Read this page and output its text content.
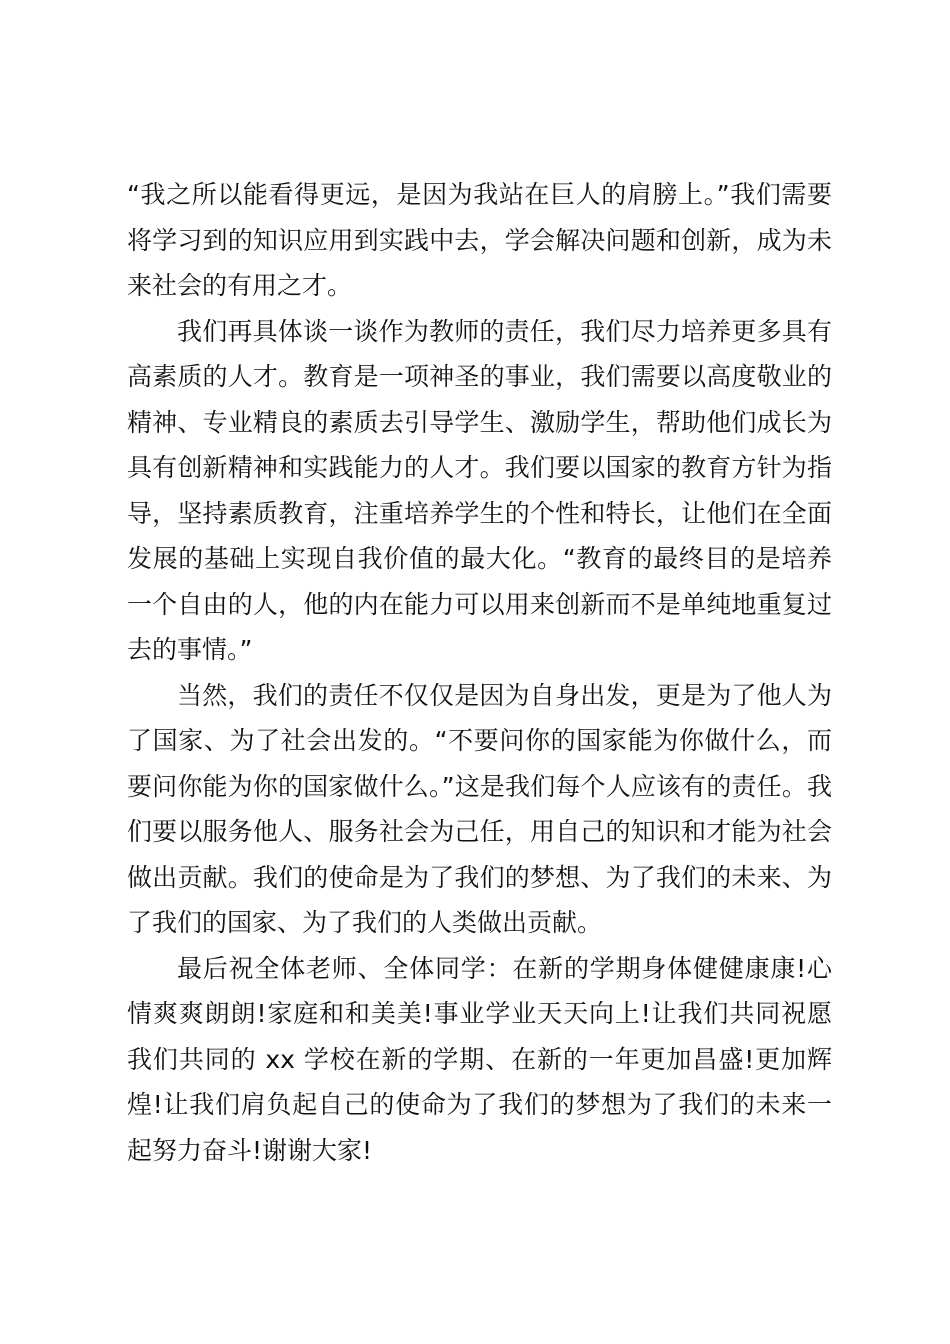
“我之所以能看得更远，是因为我站在巨人的肩膀上。”我们需要将学习到的知识应用到实践中去，学会解决问题和创新，成为未来社会的有用之才。

我们再具体谈一谈作为教师的责任，我们尽力培养更多具有高素质的人才。教育是一项神圣的事业，我们需要以高度敬业的精神、专业精良的素质去引导学生、激励学生，帮助他们成长为具有创新精神和实践能力的人才。我们要以国家的教育方针为指导，坚持素质教育，注重培养学生的个性和特长，让他们在全面发展的基础上实现自我价值的最大化。“教育的最终目的是培养一个自由的人，他的内在能力可以用来创新而不是单纯地重复过去的事情。”

当然，我们的责任不仅仅是因为自身出发，更是为了他人为了国家、为了社会出发的。“不要问你的国家能为你做什么，而要问你能为你的国家做什么。”这是我们每个人应该有的责任。我们要以服务他人、服务社会为己任，用自己的知识和才能为社会做出贡献。我们的使命是为了我们的梦想、为了我们的未来、为了我们的国家、为了我们的人类做出贡献。

最后祝全体老师、全体同学：在新的学期身体健健康康!心情爽爽朗朗!家庭和和美美!事业学业天天向上!让我们共同祝愿我们共同的 xx 学校在新的学期、在新的一年更加昌盛!更加辉煌!让我们肩负起自己的使命为了我们的梦想为了我们的未来一起努力奋斗!谢谢大家!
